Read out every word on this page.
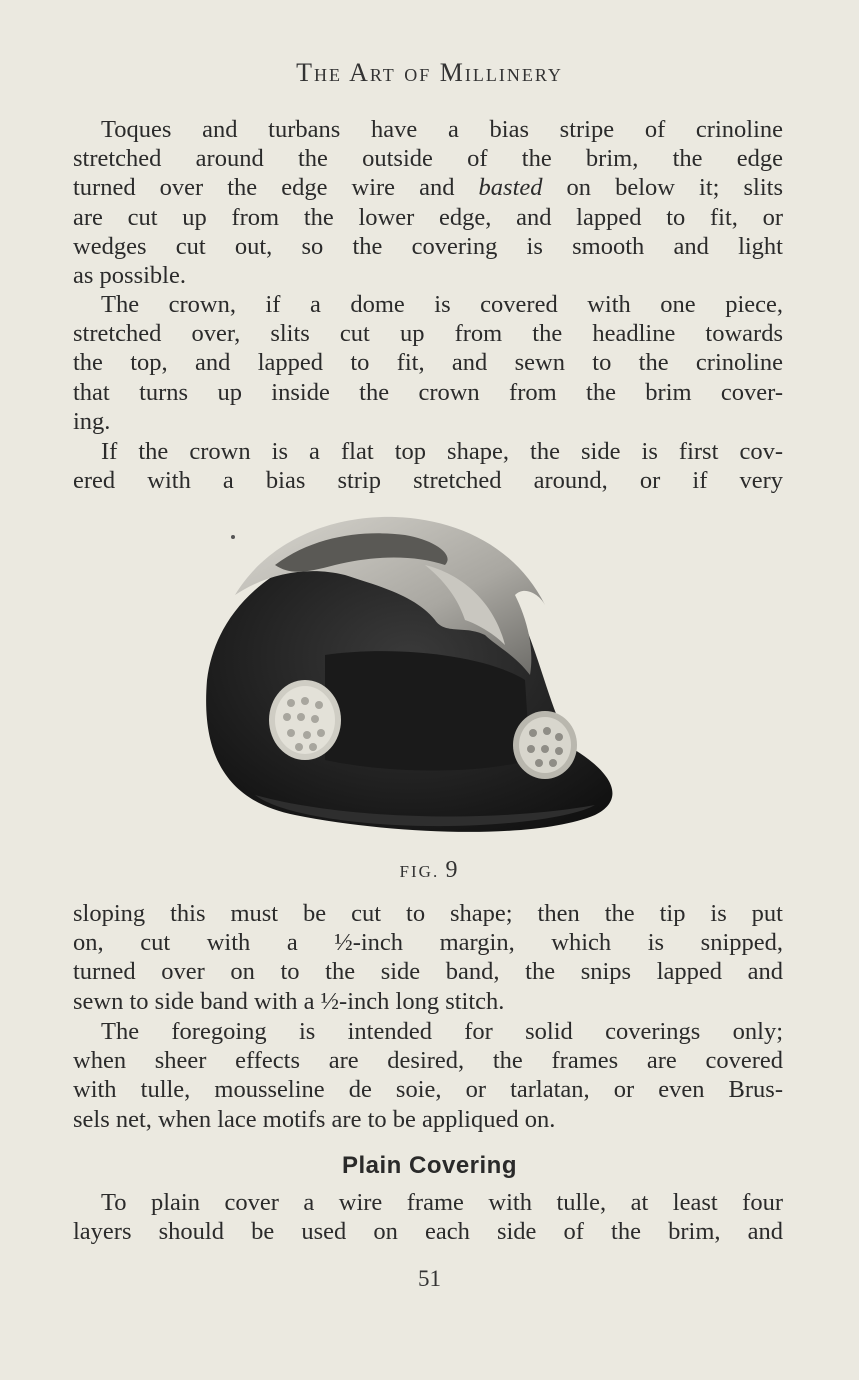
The Art of Millinery
Toques and turbans have a bias stripe of crinoline
stretched around the outside of the brim, the edge
turned over the edge wire and basted on below it; slits
are cut up from the lower edge, and lapped to fit, or
wedges cut out, so the covering is smooth and light
as possible.
The crown, if a dome is covered with one piece,
stretched over, slits cut up from the headline towards
the top, and lapped to fit, and sewn to the crinoline
that turns up inside the crown from the brim cover-
ing.
If the crown is a flat top shape, the side is first cov-
ered with a bias strip stretched around, or if very
FIG. 9
sloping this must be cut to shape; then the tip is put
on, cut with a ½-inch margin, which is snipped,
turned over on to the side band, the snips lapped and
sewn to side band with a ½-inch long stitch.
The foregoing is intended for solid coverings only;
when sheer effects are desired, the frames are covered
with tulle, mousseline de soie, or tarlatan, or even Brus-
sels net, when lace motifs are to be appliqued on.
Plain Covering
To plain cover a wire frame with tulle, at least four
layers should be used on each side of the brim, and
51
